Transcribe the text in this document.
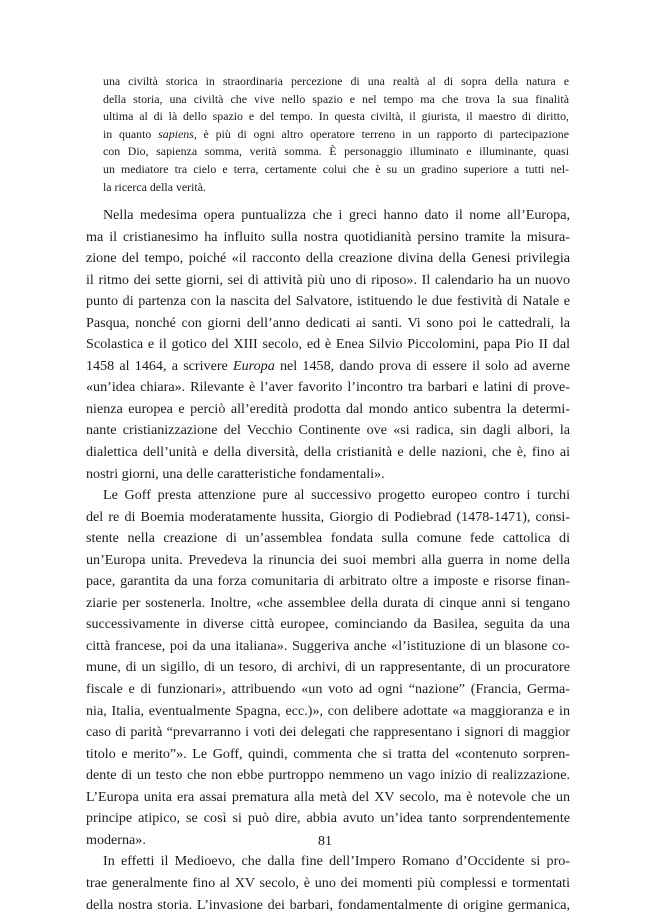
una civiltà storica in straordinaria percezione di una realtà al di sopra della natura e
della storia, una civiltà che vive nello spazio e nel tempo ma che trova la sua finalità
ultima al di là dello spazio e del tempo. In questa civiltà, il giurista, il maestro di diritto,
in quanto sapiens, è più di ogni altro operatore terreno in un rapporto di partecipazione
con Dio, sapienza somma, verità somma. È personaggio illuminato e illuminante, quasi
un mediatore tra cielo e terra, certamente colui che è su un gradino superiore a tutti nel-
la ricerca della verità.
Nella medesima opera puntualizza che i greci hanno dato il nome all’Europa,
ma il cristianesimo ha influito sulla nostra quotidianità persino tramite la misura-
zione del tempo, poiché «il racconto della creazione divina della Genesi privilegia
il ritmo dei sette giorni, sei di attività più uno di riposo». Il calendario ha un nuovo
punto di partenza con la nascita del Salvatore, istituendo le due festività di Natale e
Pasqua, nonché con giorni dell’anno dedicati ai santi. Vi sono poi le cattedrali, la
Scolastica e il gotico del XIII secolo, ed è Enea Silvio Piccolomini, papa Pio II dal
1458 al 1464, a scrivere Europa nel 1458, dando prova di essere il solo ad averne
«un’idea chiara». Rilevante è l’aver favorito l’incontro tra barbari e latini di prove-
nienza europea e perciò all’eredità prodotta dal mondo antico subentra la determi-
nante cristianizzazione del Vecchio Continente ove «si radica, sin dagli albori, la
dialettica dell’unità e della diversità, della cristianità e delle nazioni, che è, fino ai
nostri giorni, una delle caratteristiche fondamentali».
Le Goff presta attenzione pure al successivo progetto europeo contro i turchi
del re di Boemia moderatamente hussita, Giorgio di Podiebrad (1478-1471), consi-
stente nella creazione di un’assemblea fondata sulla comune fede cattolica di
un’Europa unita. Prevedeva la rinuncia dei suoi membri alla guerra in nome della
pace, garantita da una forza comunitaria di arbitrato oltre a imposte e risorse finan-
ziarie per sostenerla. Inoltre, «che assemblee della durata di cinque anni si tengano
successivamente in diverse città europee, cominciando da Basilea, seguita da una
città francese, poi da una italiana». Suggeriva anche «l’istituzione di un blasone co-
mune, di un sigillo, di un tesoro, di archivi, di un rappresentante, di un procuratore
fiscale e di funzionari», attribuendo «un voto ad ogni “nazione” (Francia, Germa-
nia, Italia, eventualmente Spagna, ecc.)», con delibere adottate «a maggioranza e in
caso di parità “prevarranno i voti dei delegati che rappresentano i signori di maggior
titolo e merito”». Le Goff, quindi, commenta che si tratta del «contenuto sorpren-
dente di un testo che non ebbe purtroppo nemmeno un vago inizio di realizzazione.
L’Europa unita era assai prematura alla metà del XV secolo, ma è notevole che un
principe atipico, se così si può dire, abbia avuto un’idea tanto sorprendentemente
moderna».
In effetti il Medioevo, che dalla fine dell’Impero Romano d’Occidente si pro-
trae generalmente fino al XV secolo, è uno dei momenti più complessi e tormentati
della nostra storia. L’invasione dei barbari, fondamentalmente di origine germanica,
81
